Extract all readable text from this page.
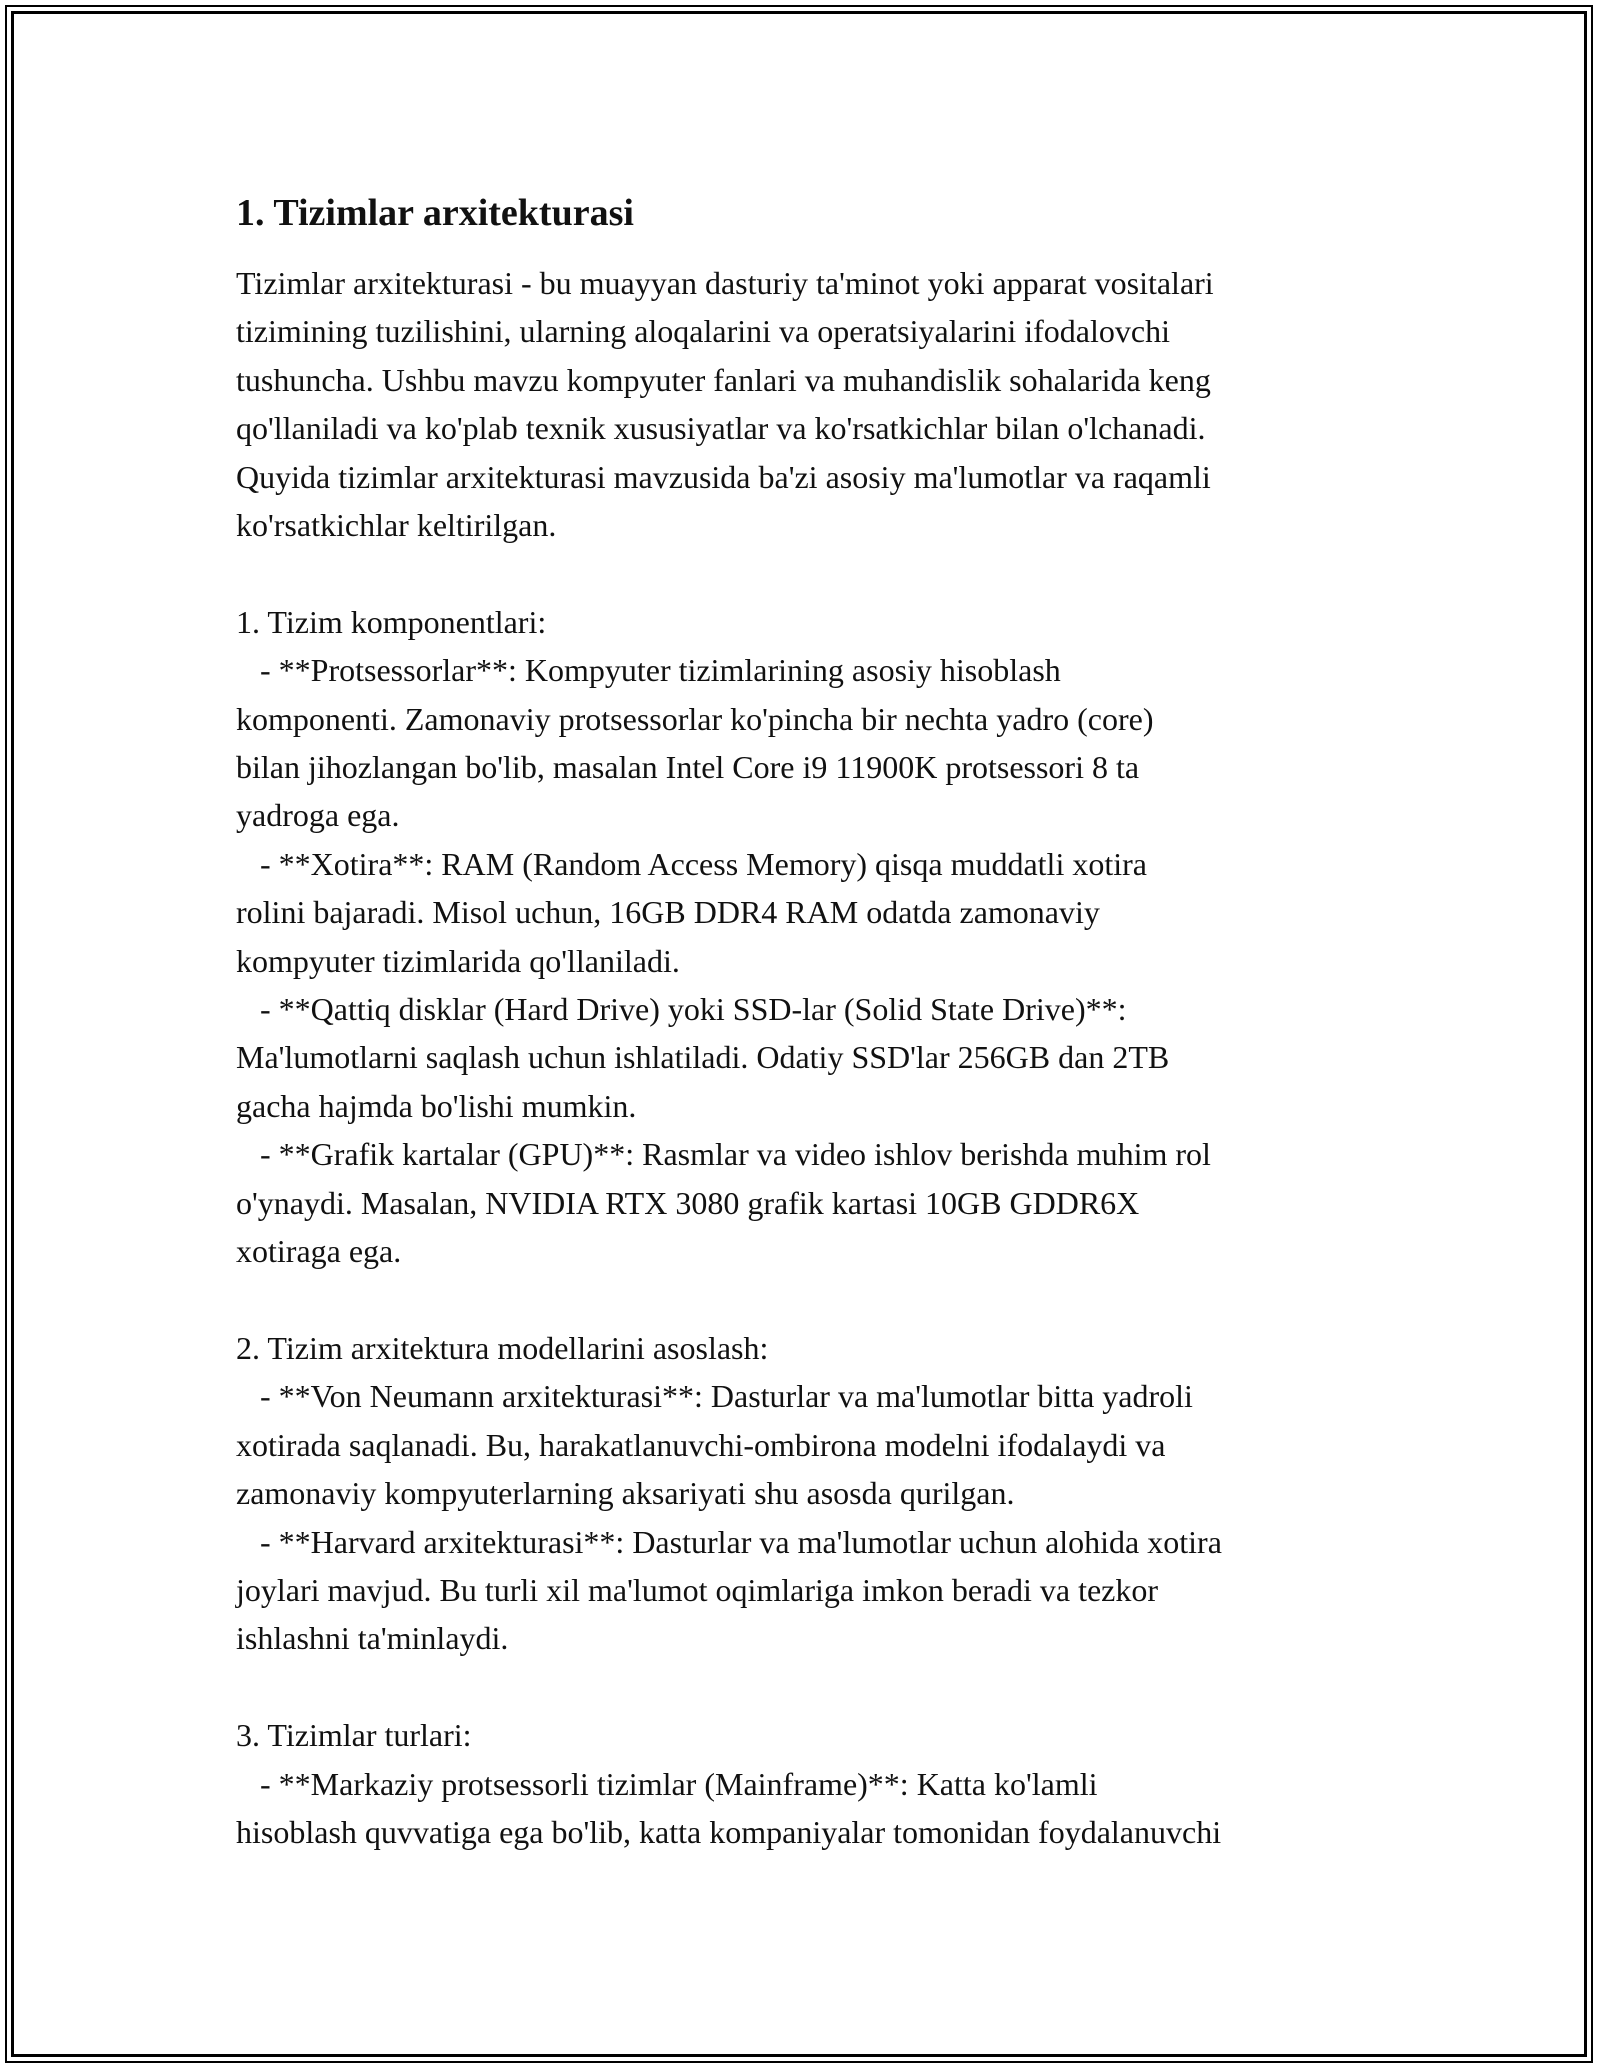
1. Tizimlar arxitekturasi
Tizimlar arxitekturasi - bu muayyan dasturiy ta'minot yoki apparat vositalari
tizimining tuzilishini, ularning aloqalarini va operatsiyalarini ifodalovchi
tushuncha. Ushbu mavzu kompyuter fanlari va muhandislik sohalarida keng
qo'llaniladi va ko'plab texnik xususiyatlar va ko'rsatkichlar bilan o'lchanadi.
Quyida tizimlar arxitekturasi mavzusida ba'zi asosiy ma'lumotlar va raqamli
ko'rsatkichlar keltirilgan.
1. Tizim komponentlari:
- **Protsessorlar**: Kompyuter tizimlarining asosiy hisoblash
komponenti. Zamonaviy protsessorlar ko'pincha bir nechta yadro (core)
bilan jihozlangan bo'lib, masalan Intel Core i9 11900K protsessori 8 ta
yadroga ega.
- **Xotira**: RAM (Random Access Memory) qisqa muddatli xotira
rolini bajaradi. Misol uchun, 16GB DDR4 RAM odatda zamonaviy
kompyuter tizimlarida qo'llaniladi.
- **Qattiq disklar (Hard Drive) yoki SSD-lar (Solid State Drive)**:
Ma'lumotlarni saqlash uchun ishlatiladi. Odatiy SSD'lar 256GB dan 2TB
gacha hajmda bo'lishi mumkin.
- **Grafik kartalar (GPU)**: Rasmlar va video ishlov berishda muhim rol
o'ynaydi. Masalan, NVIDIA RTX 3080 grafik kartasi 10GB GDDR6X
xotiraga ega.
2. Tizim arxitektura modellarini asoslash:
- **Von Neumann arxitekturasi**: Dasturlar va ma'lumotlar bitta yadroli
xotirada saqlanadi. Bu, harakatlanuvchi-ombirona modelni ifodalaydi va
zamonaviy kompyuterlarning aksariyati shu asosda qurilgan.
- **Harvard arxitekturasi**: Dasturlar va ma'lumotlar uchun alohida xotira
joylari mavjud. Bu turli xil ma'lumot oqimlariga imkon beradi va tezkor
ishlashni ta'minlaydi.
3. Tizimlar turlari:
- **Markaziy protsessorli tizimlar (Mainframe)**: Katta ko'lamli
hisoblash quvvatiga ega bo'lib, katta kompaniyalar tomonidan foydalanuvchi
